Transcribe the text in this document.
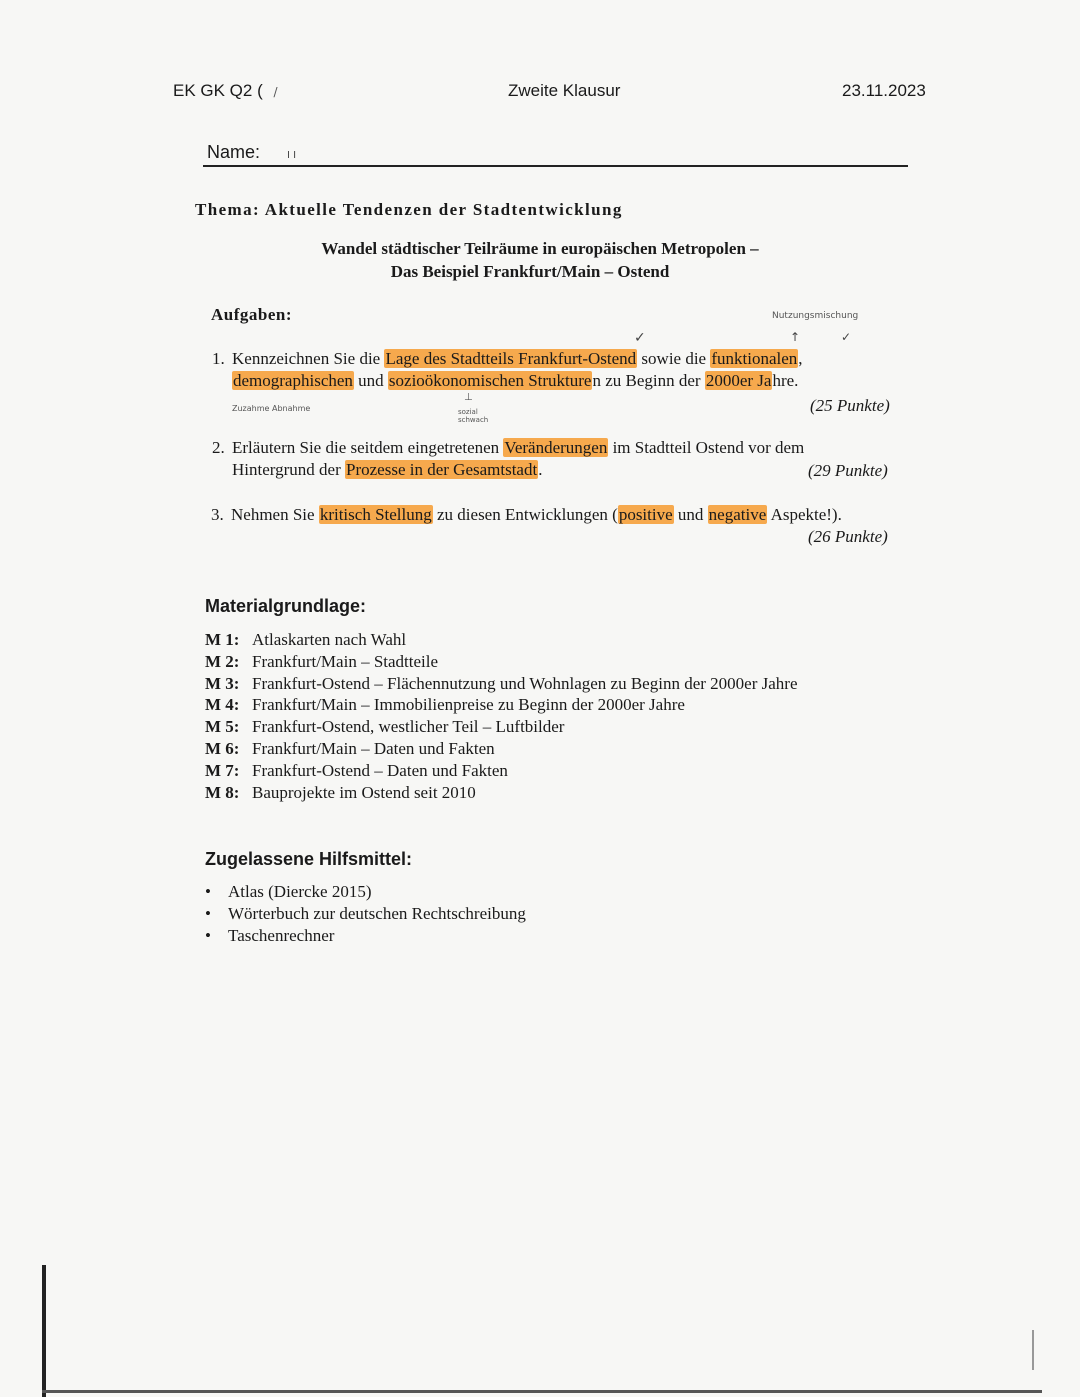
EK GK Q2 ( /	Zweite Klausur	23.11.2023
Name:	I I
Thema: Aktuelle Tendenzen der Stadtentwicklung
Wandel städtischer Teilräume in europäischen Metropolen –
Das Beispiel Frankfurt/Main – Ostend
Aufgaben:	Nutzungsmischung
✓	↑	✓
1. Kennzeichnen Sie die Lage des Stadtteils Frankfurt-Ostend sowie die funktionalen,
demographischen und sozioökonomischen Strukturen zu Beginn der 2000er Jahre.
(25 Punkte)
Zuzahme Abnahme
⊥
sozial schwach
2. Erläutern Sie die seitdem eingetretenen Veränderungen im Stadtteil Ostend vor dem
Hintergrund der Prozesse in der Gesamtstadt.	(29 Punkte)
3. Nehmen Sie kritisch Stellung zu diesen Entwicklungen (positive und negative Aspekte!).
(26 Punkte)
Materialgrundlage:
M 1: Atlaskarten nach Wahl
M 2: Frankfurt/Main – Stadtteile
M 3: Frankfurt-Ostend – Flächennutzung und Wohnlagen zu Beginn der 2000er Jahre
M 4: Frankfurt/Main – Immobilienpreise zu Beginn der 2000er Jahre
M 5: Frankfurt-Ostend, westlicher Teil – Luftbilder
M 6: Frankfurt/Main – Daten und Fakten
M 7: Frankfurt-Ostend – Daten und Fakten
M 8: Bauprojekte im Ostend seit 2010
Zugelassene Hilfsmittel:
• Atlas (Diercke 2015)
• Wörterbuch zur deutschen Rechtschreibung
• Taschenrechner
